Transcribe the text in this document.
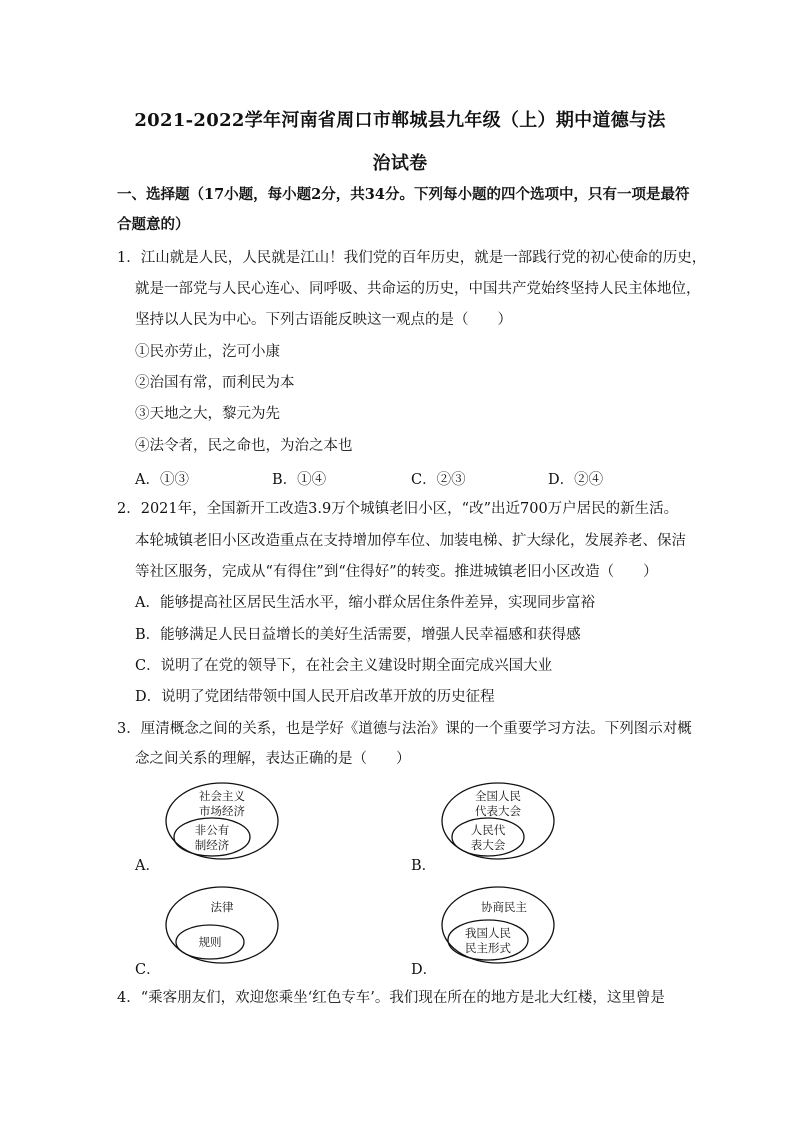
2021-2022学年河南省周口市郸城县九年级（上）期中道德与法
治试卷
一、选择题（17小题，每小题2分，共34分。下列每小题的四个选项中，只有一项是最符
合题意的）
1．江山就是人民，人民就是江山！我们党的百年历史，就是一部践行党的初心使命的历史，
就是一部党与人民心连心、同呼吸、共命运的历史，中国共产党始终坚持人民主体地位，
坚持以人民为中心。下列古语能反映这一观点的是（　　）
①民亦劳止，汔可小康
②治国有常，而利民为本
③天地之大，黎元为先
④法令者，民之命也，为治之本也
A．①③	B．①④	C．②③	D．②④
2．2021年，全国新开工改造3.9万个城镇老旧小区，“改”出近700万户居民的新生活。
本轮城镇老旧小区改造重点在支持增加停车位、加装电梯、扩大绿化，发展养老、保洁
等社区服务，完成从“有得住”到“住得好”的转变。推进城镇老旧小区改造（　　）
A．能够提高社区居民生活水平，缩小群众居住条件差异，实现同步富裕
B．能够满足人民日益增长的美好生活需要，增强人民幸福感和获得感
C．说明了在党的领导下，在社会主义建设时期全面完成兴国大业
D．说明了党团结带领中国人民开启改革开放的历史征程
3．厘清概念之间的关系，也是学好《道德与法治》课的一个重要学习方法。下列图示对概
念之间关系的理解，表达正确的是（　　）
A．
社会主义
市场经济
非公有
制经济
B．
全国人民
代表大会
人民代
表大会
C．
法律
规则
D．
协商民主
我国人民
民主形式
4．“乘客朋友们，欢迎您乘坐‘红色专车’。我们现在所在的地方是北大红楼，这里曾是
